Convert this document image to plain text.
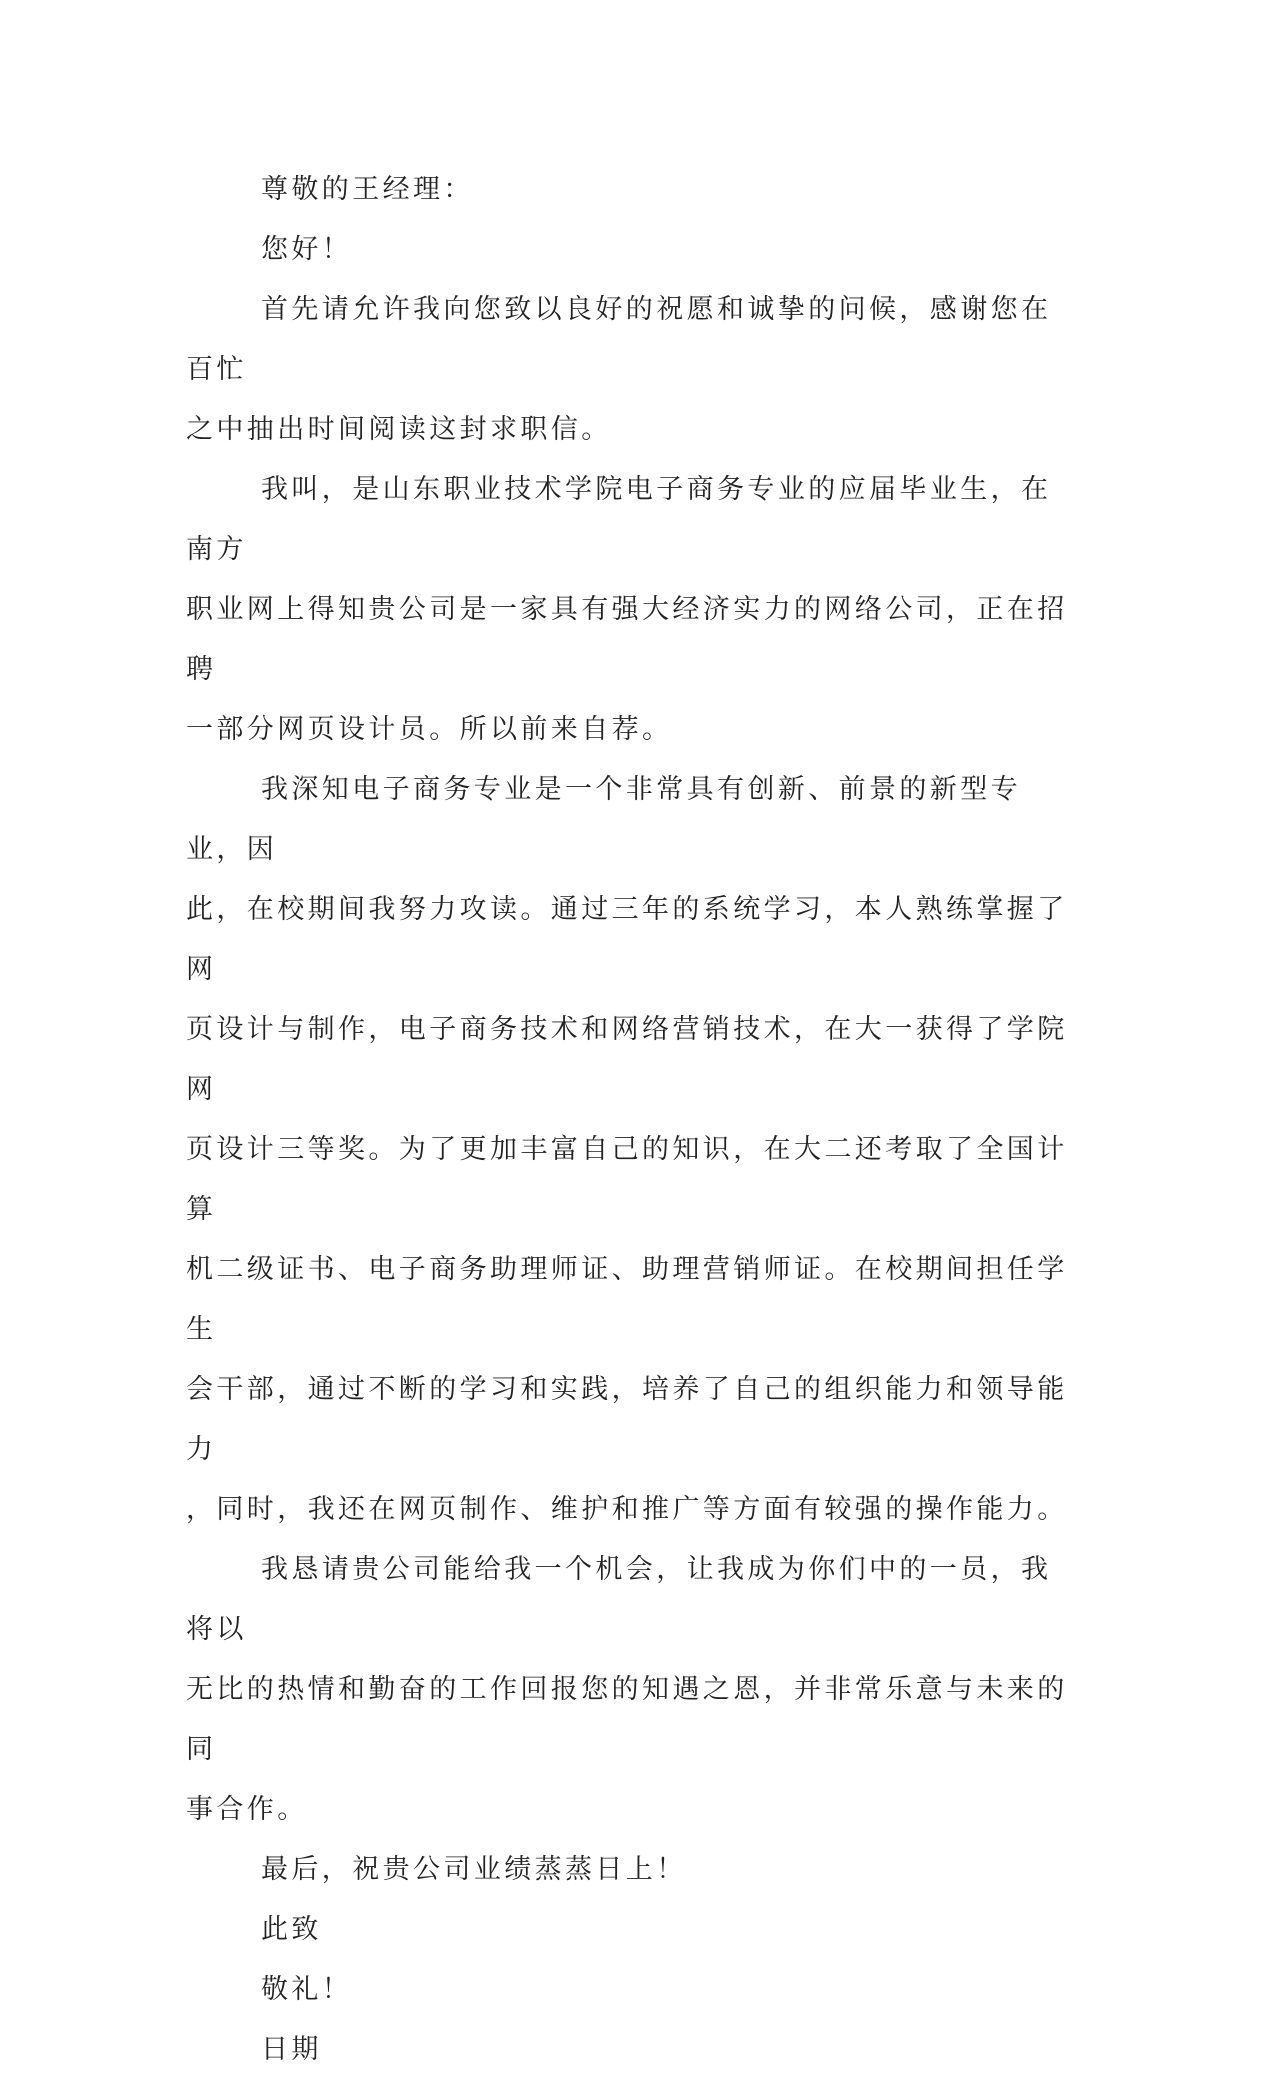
尊敬的王经理：

您好！

首先请允许我向您致以良好的祝愿和诚挚的问候，感谢您在百忙
之中抽出时间阅读这封求职信。

我叫，是山东职业技术学院电子商务专业的应届毕业生，在南方
职业网上得知贵公司是一家具有强大经济实力的网络公司，正在招聘
一部分网页设计员。所以前来自荐。

我深知电子商务专业是一个非常具有创新、前景的新型专业，因
此，在校期间我努力攻读。通过三年的系统学习，本人熟练掌握了网
页设计与制作，电子商务技术和网络营销技术，在大一获得了学院网
页设计三等奖。为了更加丰富自己的知识，在大二还考取了全国计算
机二级证书、电子商务助理师证、助理营销师证。在校期间担任学生
会干部，通过不断的学习和实践，培养了自己的组织能力和领导能力
，同时，我还在网页制作、维护和推广等方面有较强的操作能力。

我恳请贵公司能给我一个机会，让我成为你们中的一员，我将以
无比的热情和勤奋的工作回报您的知遇之恩，并非常乐意与未来的同
事合作。

最后，祝贵公司业绩蒸蒸日上！

此致

敬礼！

日期
